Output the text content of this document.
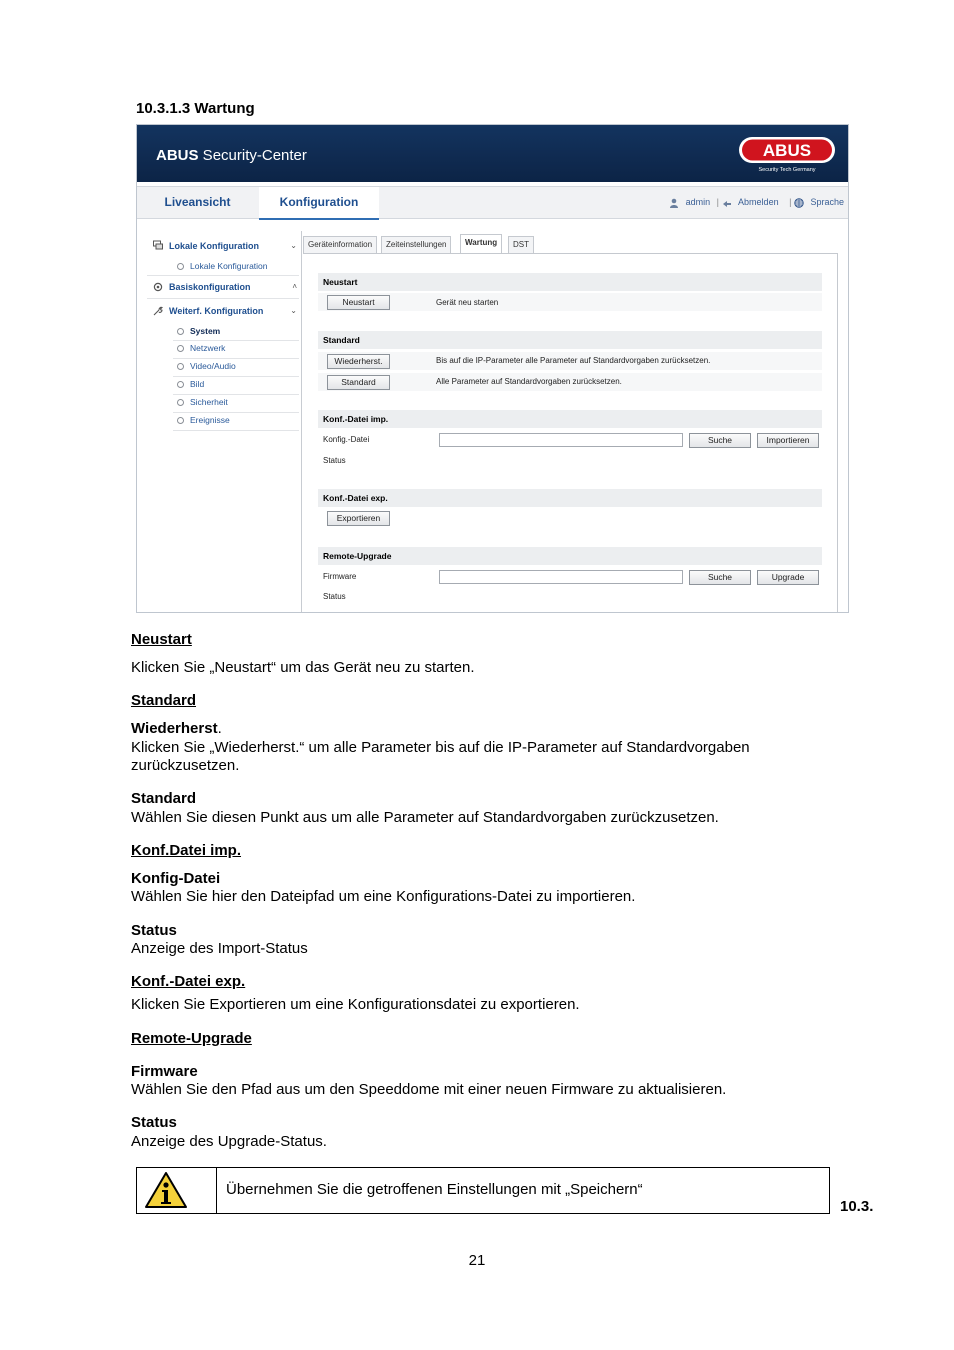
10.3.1.3 Wartung
ABUS Security-Center	ABUS
Security Tech Germany
Liveansicht	Konfiguration	admin | Abmelden | Sprache
Lokale Konfiguration	⌄
Lokale Konfiguration
Basiskonfiguration	˄
Weiterf. Konfiguration	⌄
System
Netzwerk
Video/Audio
Bild
Sicherheit
Ereignisse
Geräteinformation	Zeiteinstellungen	Wartung	DST
Neustart
Neustart	Gerät neu starten
Standard
Wiederherst.	Bis auf die IP-Parameter alle Parameter auf Standardvorgaben zurücksetzen.
Standard	Alle Parameter auf Standardvorgaben zurücksetzen.
Konf.-Datei imp.
Konfig.-Datei	Suche	Importieren
Status
Konf.-Datei exp.
Exportieren
Remote-Upgrade
Firmware	Suche	Upgrade
Status
Neustart
Klicken Sie „Neustart“ um das Gerät neu zu starten.
Standard
Wiederherst.
Klicken Sie „Wiederherst.“ um alle Parameter bis auf die IP-Parameter auf Standardvorgaben zurückzusetzen.
Standard
Wählen Sie diesen Punkt aus um alle Parameter auf Standardvorgaben zurückzusetzen.
Konf.Datei imp.
Konfig-Datei
Wählen Sie hier den Dateipfad um eine Konfigurations-Datei zu importieren.
Status
Anzeige des Import-Status
Konf.-Datei exp.
Klicken Sie Exportieren um eine Konfigurationsdatei zu exportieren.
Remote-Upgrade
Firmware
Wählen Sie den Pfad aus um den Speeddome mit einer neuen Firmware zu aktualisieren.
Status
Anzeige des Upgrade-Status.
Übernehmen Sie die getroffenen Einstellungen mit „Speichern“
10.3.
21
